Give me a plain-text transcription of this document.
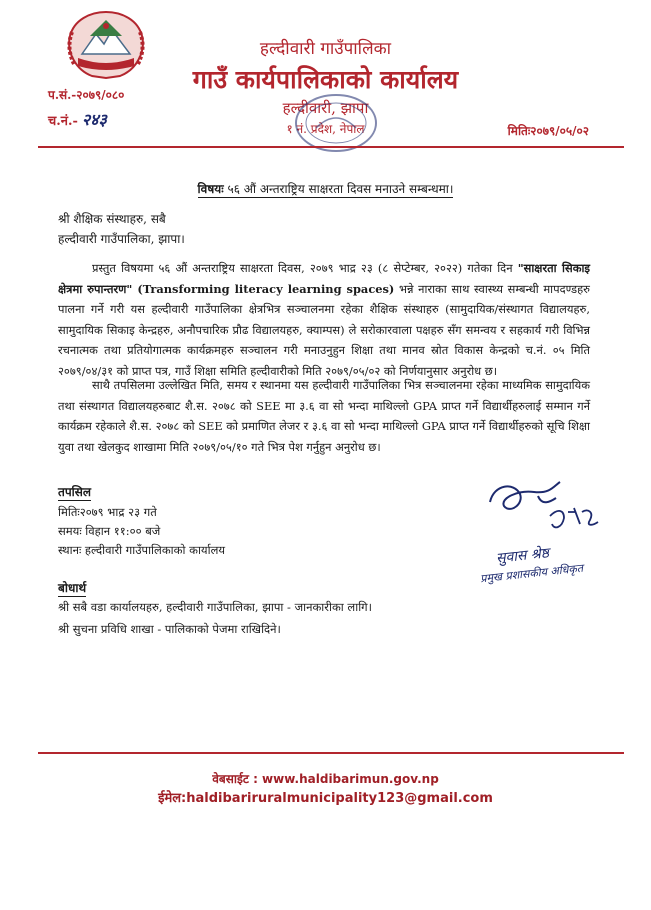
प.सं.-२०७९/०८०
च.नं.- २४३
हल्दीवारी गाउँपालिका
गाउँ कार्यपालिकाको कार्यालय
हल्दीवारी, झापा
१ नं. प्रदेश, नेपाल	मितिः२०७९/०५/०२
विषयः ५६ औं अन्तराष्ट्रिय साक्षरता दिवस मनाउने सम्बन्धमा।
श्री शैक्षिक संस्थाहरु, सबै
हल्दीवारी गाउँपालिका, झापा।
प्रस्तुत विषयमा ५६ औं अन्तराष्ट्रिय साक्षरता दिवस, २०७९ भाद्र २३ (८ सेप्टेम्बर, २०२२) गतेका दिन "साक्षरता सिकाइ क्षेत्रमा रुपान्तरण" (Transforming literacy learning spaces) भन्ने नाराका साथ स्वास्थ्य सम्बन्धी मापदण्डहरु पालना गर्ने गरी यस हल्दीवारी गाउँपालिका क्षेत्रभित्र सञ्चालनमा रहेका शैक्षिक संस्थाहरु (सामुदायिक/संस्थागत विद्यालयहरु, सामुदायिक सिकाइ केन्द्रहरु, अनौपचारिक प्रौढ विद्यालयहरु, क्याम्पस) ले सरोकारवाला पक्षहरु सँग समन्वय र सहकार्य गरी विभिन्न रचनात्मक तथा प्रतियोगात्मक कार्यक्रमहरु सञ्चालन गरी मनाउनुहुन शिक्षा तथा मानव स्रोत विकास केन्द्रको च.नं. ०५ मिति २०७९/०४/३१ को प्राप्त पत्र, गाउँ शिक्षा समिति हल्दीवारीको मिति २०७९/०५/०२ को निर्णयानुसार अनुरोध छ।
साथै तपसिलमा उल्लेखित मिति, समय र स्थानमा यस हल्दीवारी गाउँपालिका भित्र सञ्चालनमा रहेका माध्यमिक सामुदायिक तथा संस्थागत विद्यालयहरुबाट शै.स. २०७८ को SEE मा ३.६ वा सो भन्दा माथिल्लो GPA प्राप्त गर्ने विद्यार्थीहरुलाई सम्मान गर्ने कार्यक्रम रहेकाले शै.स. २०७८ को SEE को प्रमाणित लेजर र ३.६ वा सो भन्दा माथिल्लो GPA प्राप्त गर्ने विद्यार्थीहरुको सूचि शिक्षा युवा तथा खेलकुद शाखामा मिति २०७९/०५/१० गते भित्र पेश गर्नुहुन अनुरोध छ।
तपसिल
मितिः२०७९ भाद्र २३ गते
समयः विहान ११:०० बजे
स्थानः हल्दीवारी गाउँपालिकाको कार्यालय	सुवास श्रेष्ठ
प्रमुख प्रशासकीय अधिकृत
बोधार्थ
श्री सबै वडा कार्यालयहरु, हल्दीवारी गाउँपालिका, झापा - जानकारीका लागि।
श्री सुचना प्रविधि शाखा - पालिकाको पेजमा राखिदिने।
वेबसाईट : www.haldibarimun.gov.np
ईमेल:haldibariruralmunicipality123@gmail.com
